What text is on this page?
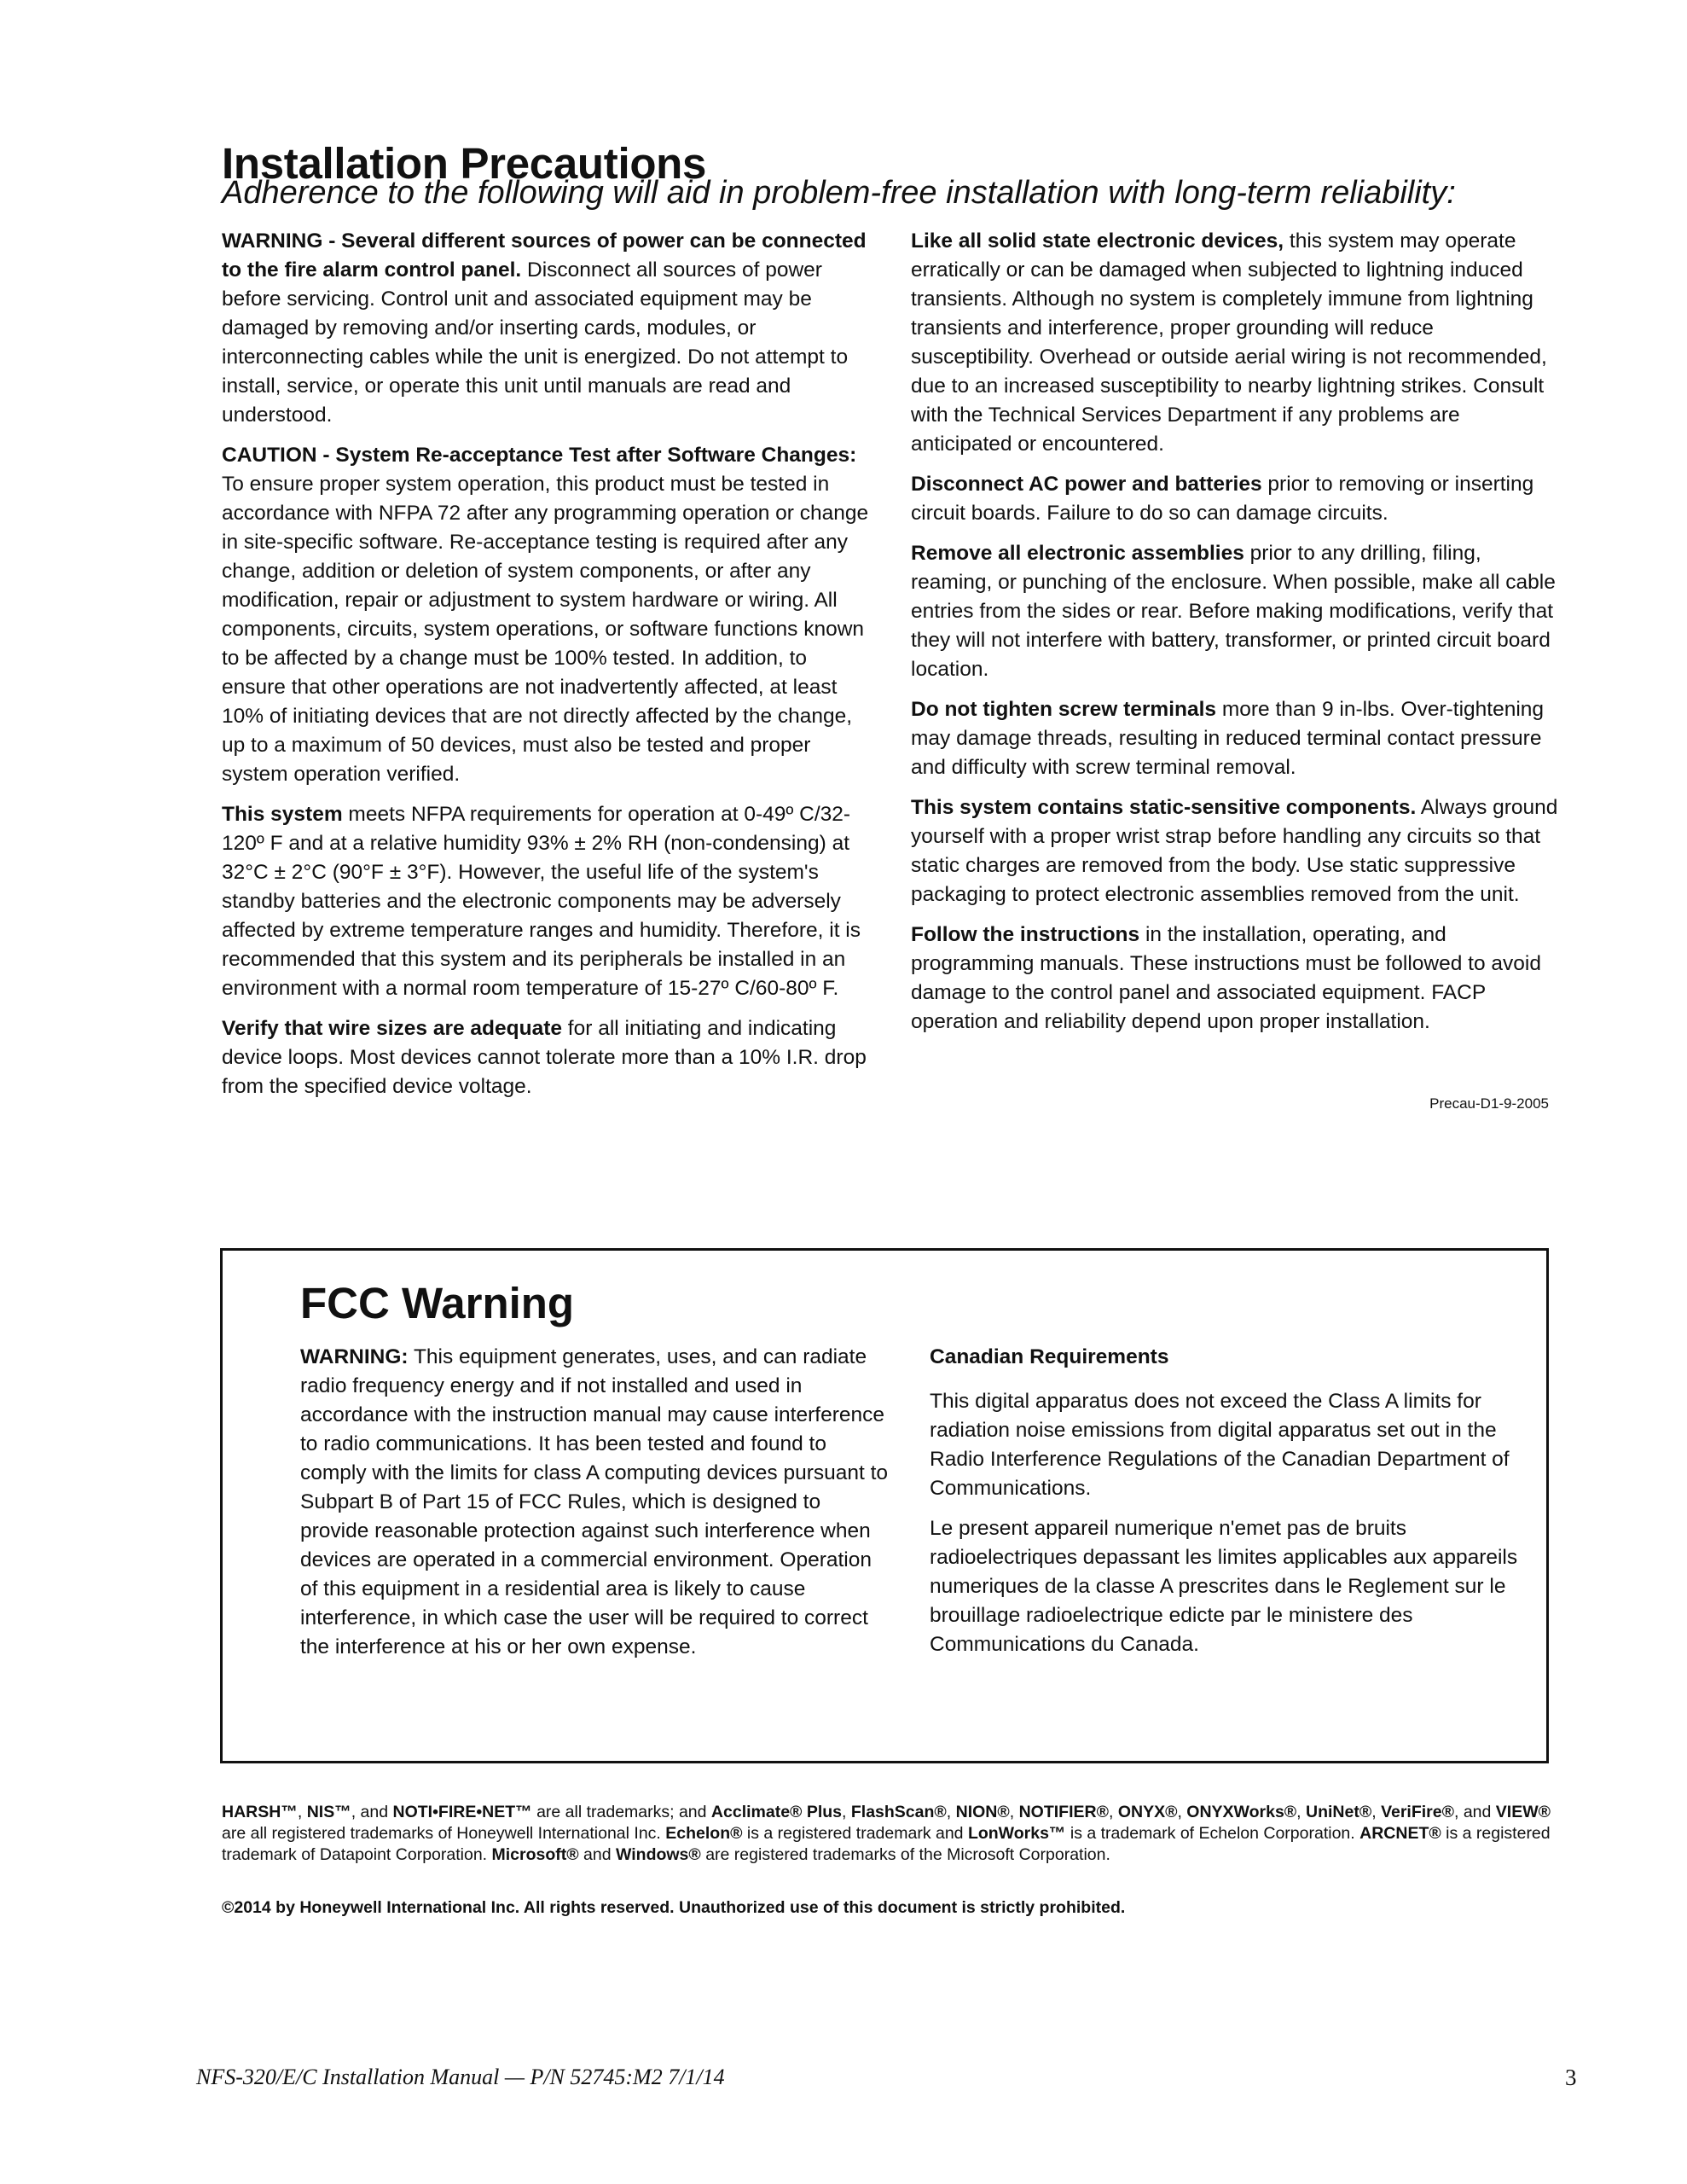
Installation Precautions
Adherence to the following will aid in problem-free installation with long-term reliability:

WARNING - Several different sources of power can be connected to the fire alarm control panel. Disconnect all sources of power before servicing. Control unit and associated equipment may be damaged by removing and/or inserting cards, modules, or interconnecting cables while the unit is energized. Do not attempt to install, service, or operate this unit until manuals are read and understood.

CAUTION - System Re-acceptance Test after Software Changes: To ensure proper system operation, this product must be tested in accordance with NFPA 72 after any programming operation or change in site-specific software. Re-acceptance testing is required after any change, addition or deletion of system components, or after any modification, repair or adjustment to system hardware or wiring. All components, circuits, system operations, or software functions known to be affected by a change must be 100% tested. In addition, to ensure that other operations are not inadvertently affected, at least 10% of initiating devices that are not directly affected by the change, up to a maximum of 50 devices, must also be tested and proper system operation verified.

This system meets NFPA requirements for operation at 0-49º C/32-120º F and at a relative humidity 93% ± 2% RH (non-condensing) at 32°C ± 2°C (90°F ± 3°F). However, the useful life of the system's standby batteries and the electronic components may be adversely affected by extreme temperature ranges and humidity. Therefore, it is recommended that this system and its peripherals be installed in an environment with a normal room temperature of 15-27º C/60-80º F.

Verify that wire sizes are adequate for all initiating and indicating device loops. Most devices cannot tolerate more than a 10% I.R. drop from the specified device voltage.

Like all solid state electronic devices, this system may operate erratically or can be damaged when subjected to lightning induced transients. Although no system is completely immune from lightning transients and interference, proper grounding will reduce susceptibility. Overhead or outside aerial wiring is not recommended, due to an increased susceptibility to nearby lightning strikes. Consult with the Technical Services Department if any problems are anticipated or encountered.

Disconnect AC power and batteries prior to removing or inserting circuit boards. Failure to do so can damage circuits.

Remove all electronic assemblies prior to any drilling, filing, reaming, or punching of the enclosure. When possible, make all cable entries from the sides or rear. Before making modifications, verify that they will not interfere with battery, transformer, or printed circuit board location.

Do not tighten screw terminals more than 9 in-lbs. Over-tightening may damage threads, resulting in reduced terminal contact pressure and difficulty with screw terminal removal.

This system contains static-sensitive components. Always ground yourself with a proper wrist strap before handling any circuits so that static charges are removed from the body. Use static suppressive packaging to protect electronic assemblies removed from the unit.

Follow the instructions in the installation, operating, and programming manuals. These instructions must be followed to avoid damage to the control panel and associated equipment. FACP operation and reliability depend upon proper installation.

Precau-D1-9-2005
FCC Warning

WARNING: This equipment generates, uses, and can radiate radio frequency energy and if not installed and used in accordance with the instruction manual may cause interference to radio communications. It has been tested and found to comply with the limits for class A computing devices pursuant to Subpart B of Part 15 of FCC Rules, which is designed to provide reasonable protection against such interference when devices are operated in a commercial environment. Operation of this equipment in a residential area is likely to cause interference, in which case the user will be required to correct the interference at his or her own expense.

Canadian Requirements

This digital apparatus does not exceed the Class A limits for radiation noise emissions from digital apparatus set out in the Radio Interference Regulations of the Canadian Department of Communications.

Le present appareil numerique n'emet pas de bruits radioelectriques depassant les limites applicables aux appareils numeriques de la classe A prescrites dans le Reglement sur le brouillage radioelectrique edicte par le ministere des Communications du Canada.

HARSH™, NIS™, and NOTI•FIRE•NET™ are all trademarks; and Acclimate® Plus, FlashScan®, NION®, NOTIFIER®, ONYX®, ONYXWorks®, UniNet®, VeriFire®, and VIEW® are all registered trademarks of Honeywell International Inc. Echelon® is a registered trademark and LonWorks™ is a trademark of Echelon Corporation. ARCNET® is a registered trademark of Datapoint Corporation. Microsoft® and Windows® are registered trademarks of the Microsoft Corporation.
©2014 by Honeywell International Inc. All rights reserved. Unauthorized use of this document is strictly prohibited.
NFS-320/E/C Installation Manual — P/N 52745:M2 7/1/14	3
